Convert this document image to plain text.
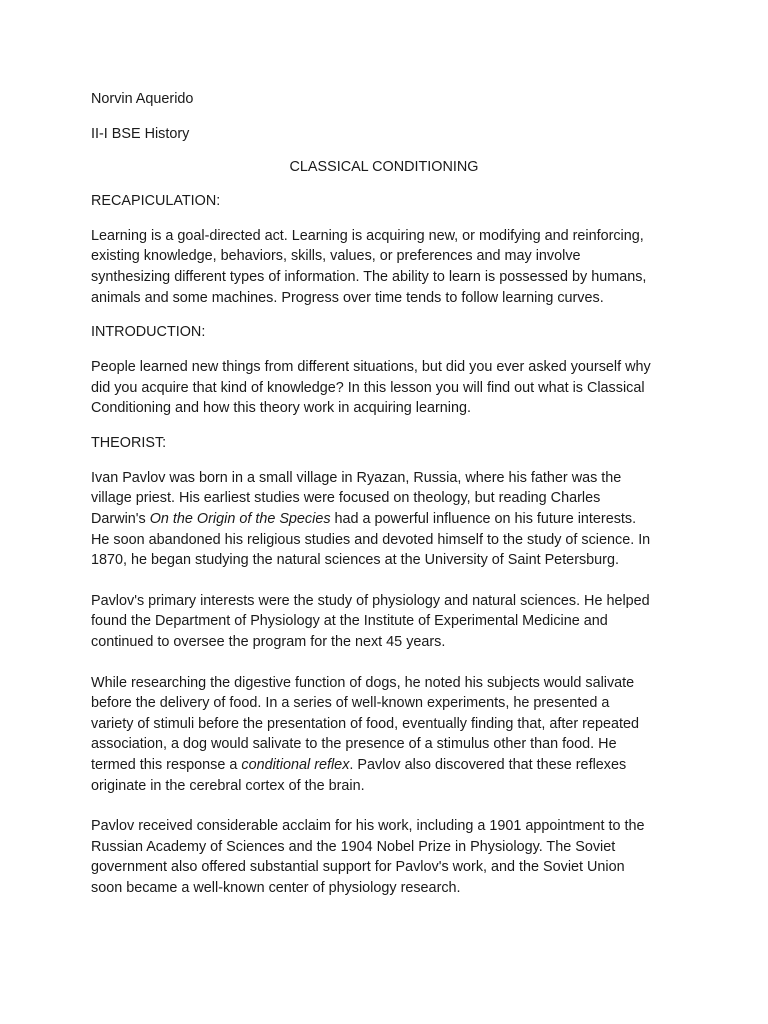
Norvin Aquerido

II-I BSE History

CLASSICAL CONDITIONING

RECAPICULATION:

Learning is a goal-directed act. Learning is acquiring new, or modifying and reinforcing,
existing knowledge, behaviors, skills, values, or preferences and may involve
synthesizing different types of information. The ability to learn is possessed by humans,
animals and some machines. Progress over time tends to follow learning curves.

INTRODUCTION:

People learned new things from different situations, but did you ever asked yourself why
did you acquire that kind of knowledge? In this lesson you will find out what is Classical
Conditioning and how this theory work in acquiring learning.

THEORIST:

Ivan Pavlov was born in a small village in Ryazan, Russia, where his father was the
village priest. His earliest studies were focused on theology, but reading Charles
Darwin's On the Origin of the Species had a powerful influence on his future interests.
He soon abandoned his religious studies and devoted himself to the study of science. In
1870, he began studying the natural sciences at the University of Saint Petersburg.

Pavlov's primary interests were the study of physiology and natural sciences. He helped
found the Department of Physiology at the Institute of Experimental Medicine and
continued to oversee the program for the next 45 years.

While researching the digestive function of dogs, he noted his subjects would salivate
before the delivery of food. In a series of well-known experiments, he presented a
variety of stimuli before the presentation of food, eventually finding that, after repeated
association, a dog would salivate to the presence of a stimulus other than food. He
termed this response a conditional reflex. Pavlov also discovered that these reflexes
originate in the cerebral cortex of the brain.

Pavlov received considerable acclaim for his work, including a 1901 appointment to the
Russian Academy of Sciences and the 1904 Nobel Prize in Physiology. The Soviet
government also offered substantial support for Pavlov's work, and the Soviet Union
soon became a well-known center of physiology research.
